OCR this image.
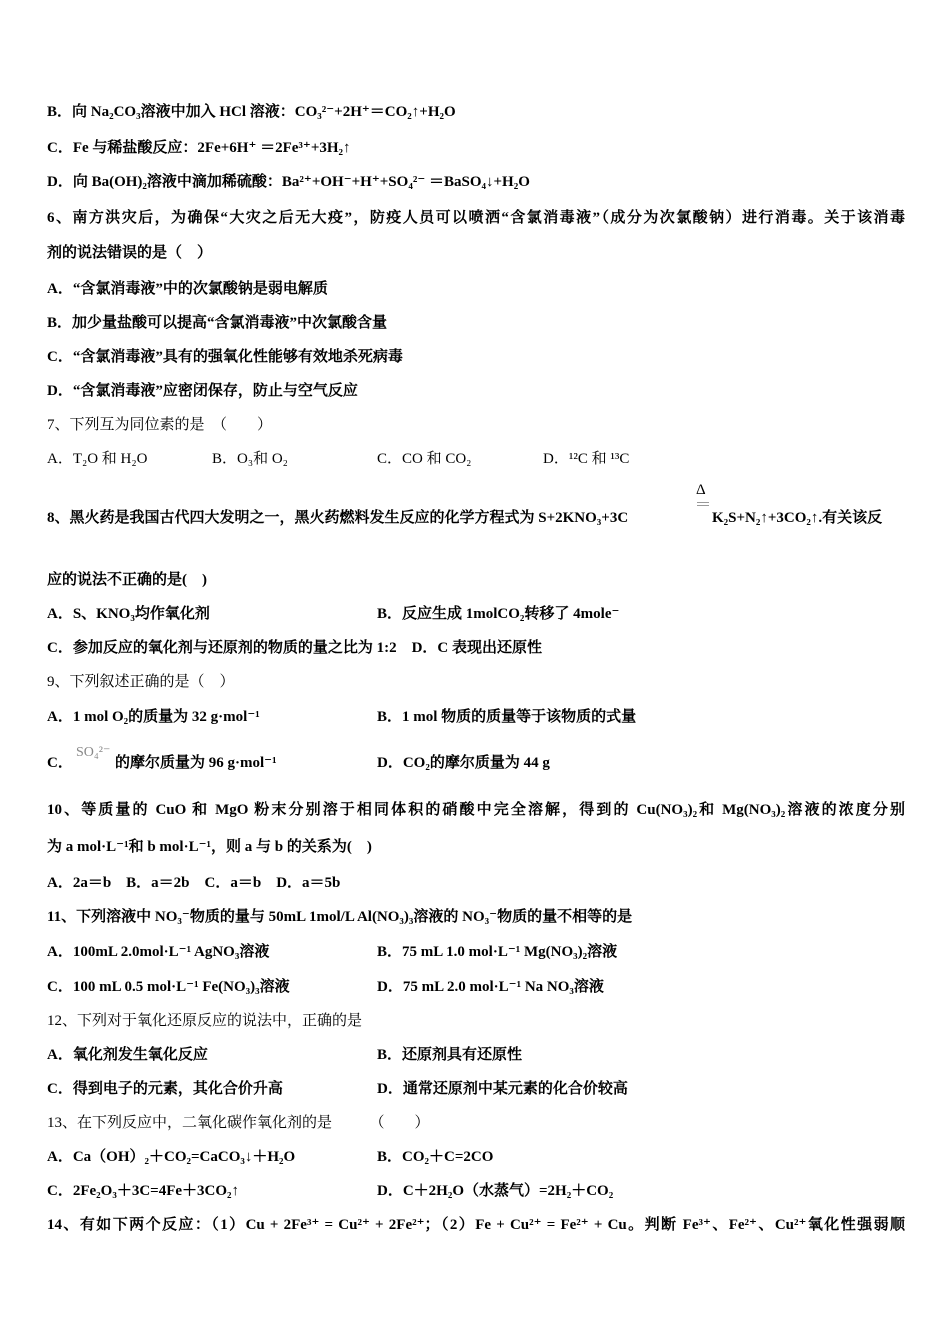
B．向 Na₂CO₃溶液中加入 HCl 溶液：CO₃²⁻+2H⁺＝CO₂↑+H₂O
C．Fe 与稀盐酸反应：2Fe+6H⁺ ＝2Fe³⁺+3H₂↑
D．向 Ba(OH)₂溶液中滴加稀硫酸：Ba²⁺+OH⁻+H⁺+SO₄²⁻ ＝BaSO₄↓+H₂O
6、南方洪灾后，为确保“大灾之后无大疫”，防疫人员可以喷洒“含氯消毒液”（成分为次氯酸钠）进行消毒。关于该消毒
剂的说法错误的是（　）
A．“含氯消毒液”中的次氯酸钠是弱电解质
B．加少量盐酸可以提高“含氯消毒液”中次氯酸含量
C．“含氯消毒液”具有的强氧化性能够有效地杀死病毒
D．“含氯消毒液”应密闭保存，防止与空气反应
7、下列互为同位素的是　（　　）
A．T₂O 和 H₂O	B．O₃和 O₂	C．CO 和 CO₂	D．¹²C 和 ¹³C
8、黑火药是我国古代四大发明之一，黑火药燃料发生反应的化学方程式为 S+2KNO₃+3C
Δ
K₂S+N₂↑+3CO₂↑.有关该反
应的说法不正确的是(　)
A．S、KNO₃均作氧化剂	B．反应生成 1molCO₂转移了 4mole⁻
C．参加反应的氧化剂与还原剂的物质的量之比为 1:2　D．C 表现出还原性
9、下列叙述正确的是（　）
A．1 mol O₂的质量为 32 g·mol⁻¹	B．1 mol 物质的质量等于该物质的式量
C．
SO₄²⁻
的摩尔质量为 96 g·mol⁻¹	D．CO₂的摩尔质量为 44 g
10、等质量的 CuO 和 MgO 粉末分别溶于相同体积的硝酸中完全溶解，得到的 Cu(NO₃)₂和 Mg(NO₃)₂溶液的浓度分别
为 a mol·L⁻¹和 b mol·L⁻¹，则 a 与 b 的关系为(　)
A．2a＝b　B．a＝2b　C．a＝b　D．a＝5b
11、下列溶液中 NO₃⁻物质的量与 50mL 1mol/L Al(NO₃)₃溶液的 NO₃⁻物质的量不相等的是
A．100mL 2.0mol·L⁻¹ AgNO₃溶液	B．75 mL 1.0 mol·L⁻¹ Mg(NO₃)₂溶液
C．100 mL 0.5 mol·L⁻¹ Fe(NO₃)₃溶液	D．75 mL 2.0 mol·L⁻¹ Na NO₃溶液
12、下列对于氧化还原反应的说法中，正确的是
A．氧化剂发生氧化反应	B．还原剂具有还原性
C．得到电子的元素，其化合价升高	D．通常还原剂中某元素的化合价较高
13、在下列反应中，二氧化碳作氧化剂的是　　　（　　）
A．Ca（OH）₂＋CO₂=CaCO₃↓＋H₂O	B．CO₂＋C=2CO
C．2Fe₂O₃＋3C=4Fe＋3CO₂↑	D．C＋2H₂O（水蒸气）=2H₂＋CO₂
14、有如下两个反应：（1）Cu + 2Fe³⁺ = Cu²⁺ + 2Fe²⁺；（2）Fe + Cu²⁺ = Fe²⁺ + Cu。判断 Fe³⁺、Fe²⁺、Cu²⁺氧化性强弱顺
